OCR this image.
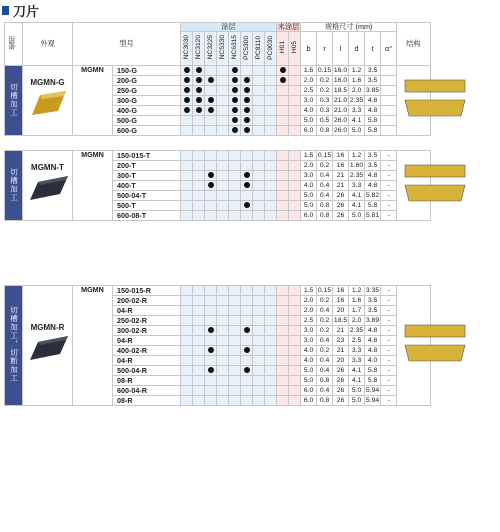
刀片
使用	外观	型号		涂层								未涂层		规格尺寸 (mm)						结构
				NC3030	NC3120	NC3225	NC5330	NC6315	PC5300	PC8110	PC9030	H01	H05	b	r	l	d	t	α°	
切槽加工	MGMN-G	MGMN	150-G											1.5	0.15	16.0	1.2	3.5		
			200-G											2.0	0.2	16.0	1.6	3.5		
			250-G											2.5	0.2	18.5	2.0	3.85		
			300-G											3.0	0.3	21.0	2.35	4.8		
			400-G											4.0	0.3	21.0	3.3	4.8		
			500-G											5.0	0.5	26.0	4.1	5.8		
			600-G											6.0	0.8	26.0	5.0	5.8		

切槽加工	MGMN-T	MGMN	150-015-T											1.5	0.15	16	1.2	3.5	-	
			200-T											2.0	0.2	16	1.60	3.5	-	
			300-T											3.0	0.4	21	2.35	4.8	-	
			400-T											4.0	0.4	21	3.3	4.8	-	
			500-04-T											5.0	0.4	26	4.1	5.82	-	
			500-T											5.0	0.8	26	4.1	5.8	-	
			600-08-T											6.0	0.8	26	5.0	5.81	-	

切槽加工，切断加工	MGMN-R	MGMN	150-015-R											1.5	0.15	16	1.2	3.35	-	
			200-02-R											2.0	0.2	16	1.6	3.5	-	
			04-R											2.0	0.4	20	1.7	3.5	-	
			250-02-R											2.5	0.2	18.5	2.0	3.89	-	
			300-02-R											3.0	0.2	21	2.35	4.8	-	
			04-R											3.0	0.4	23	2.5	4.8	-	
			400-02-R											4.0	0.2	21	3.3	4.8	-	
			04-R											4.0	0.4	20	3.3	4.0	-	
			500-04-R											5.0	0.4	26	4.1	5.8	-	
			08-R											5.0	0.8	26	4.1	5.8	-	
			600-04-R											6.0	0.4	26	5.0	5.94	-	
			08-R											6.0	0.8	26	5.0	5.94	-	
